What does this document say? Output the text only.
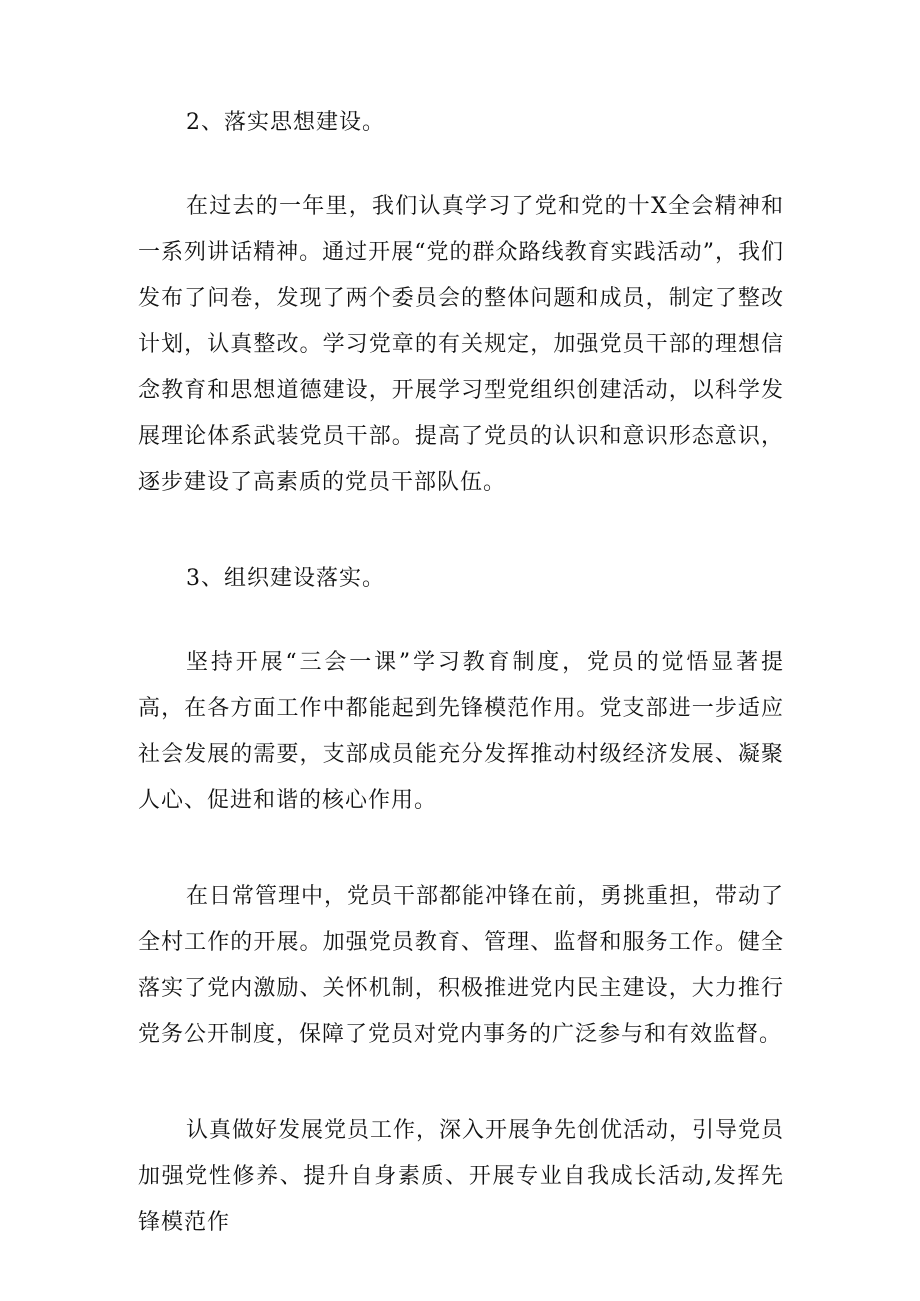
2、落实思想建设。
在过去的一年里，我们认真学习了党和党的十Ⅹ全会精神和一系列讲话精神。通过开展“党的群众路线教育实践活动”，我们发布了问卷，发现了两个委员会的整体问题和成员，制定了整改计划，认真整改。学习党章的有关规定，加强党员干部的理想信念教育和思想道德建设，开展学习型党组织创建活动，以科学发展理论体系武装党员干部。提高了党员的认识和意识形态意识，逐步建设了高素质的党员干部队伍。
3、组织建设落实。
坚持开展“三会一课”学习教育制度，党员的觉悟显著提高，在各方面工作中都能起到先锋模范作用。党支部进一步适应社会发展的需要，支部成员能充分发挥推动村级经济发展、凝聚人心、促进和谐的核心作用。
在日常管理中，党员干部都能冲锋在前，勇挑重担，带动了全村工作的开展。加强党员教育、管理、监督和服务工作。健全落实了党内激励、关怀机制，积极推进党内民主建设，大力推行党务公开制度，保障了党员对党内事务的广泛参与和有效监督。
认真做好发展党员工作，深入开展争先创优活动，引导党员加强党性修养、提升自身素质、开展专业自我成长活动,发挥先锋模范作
